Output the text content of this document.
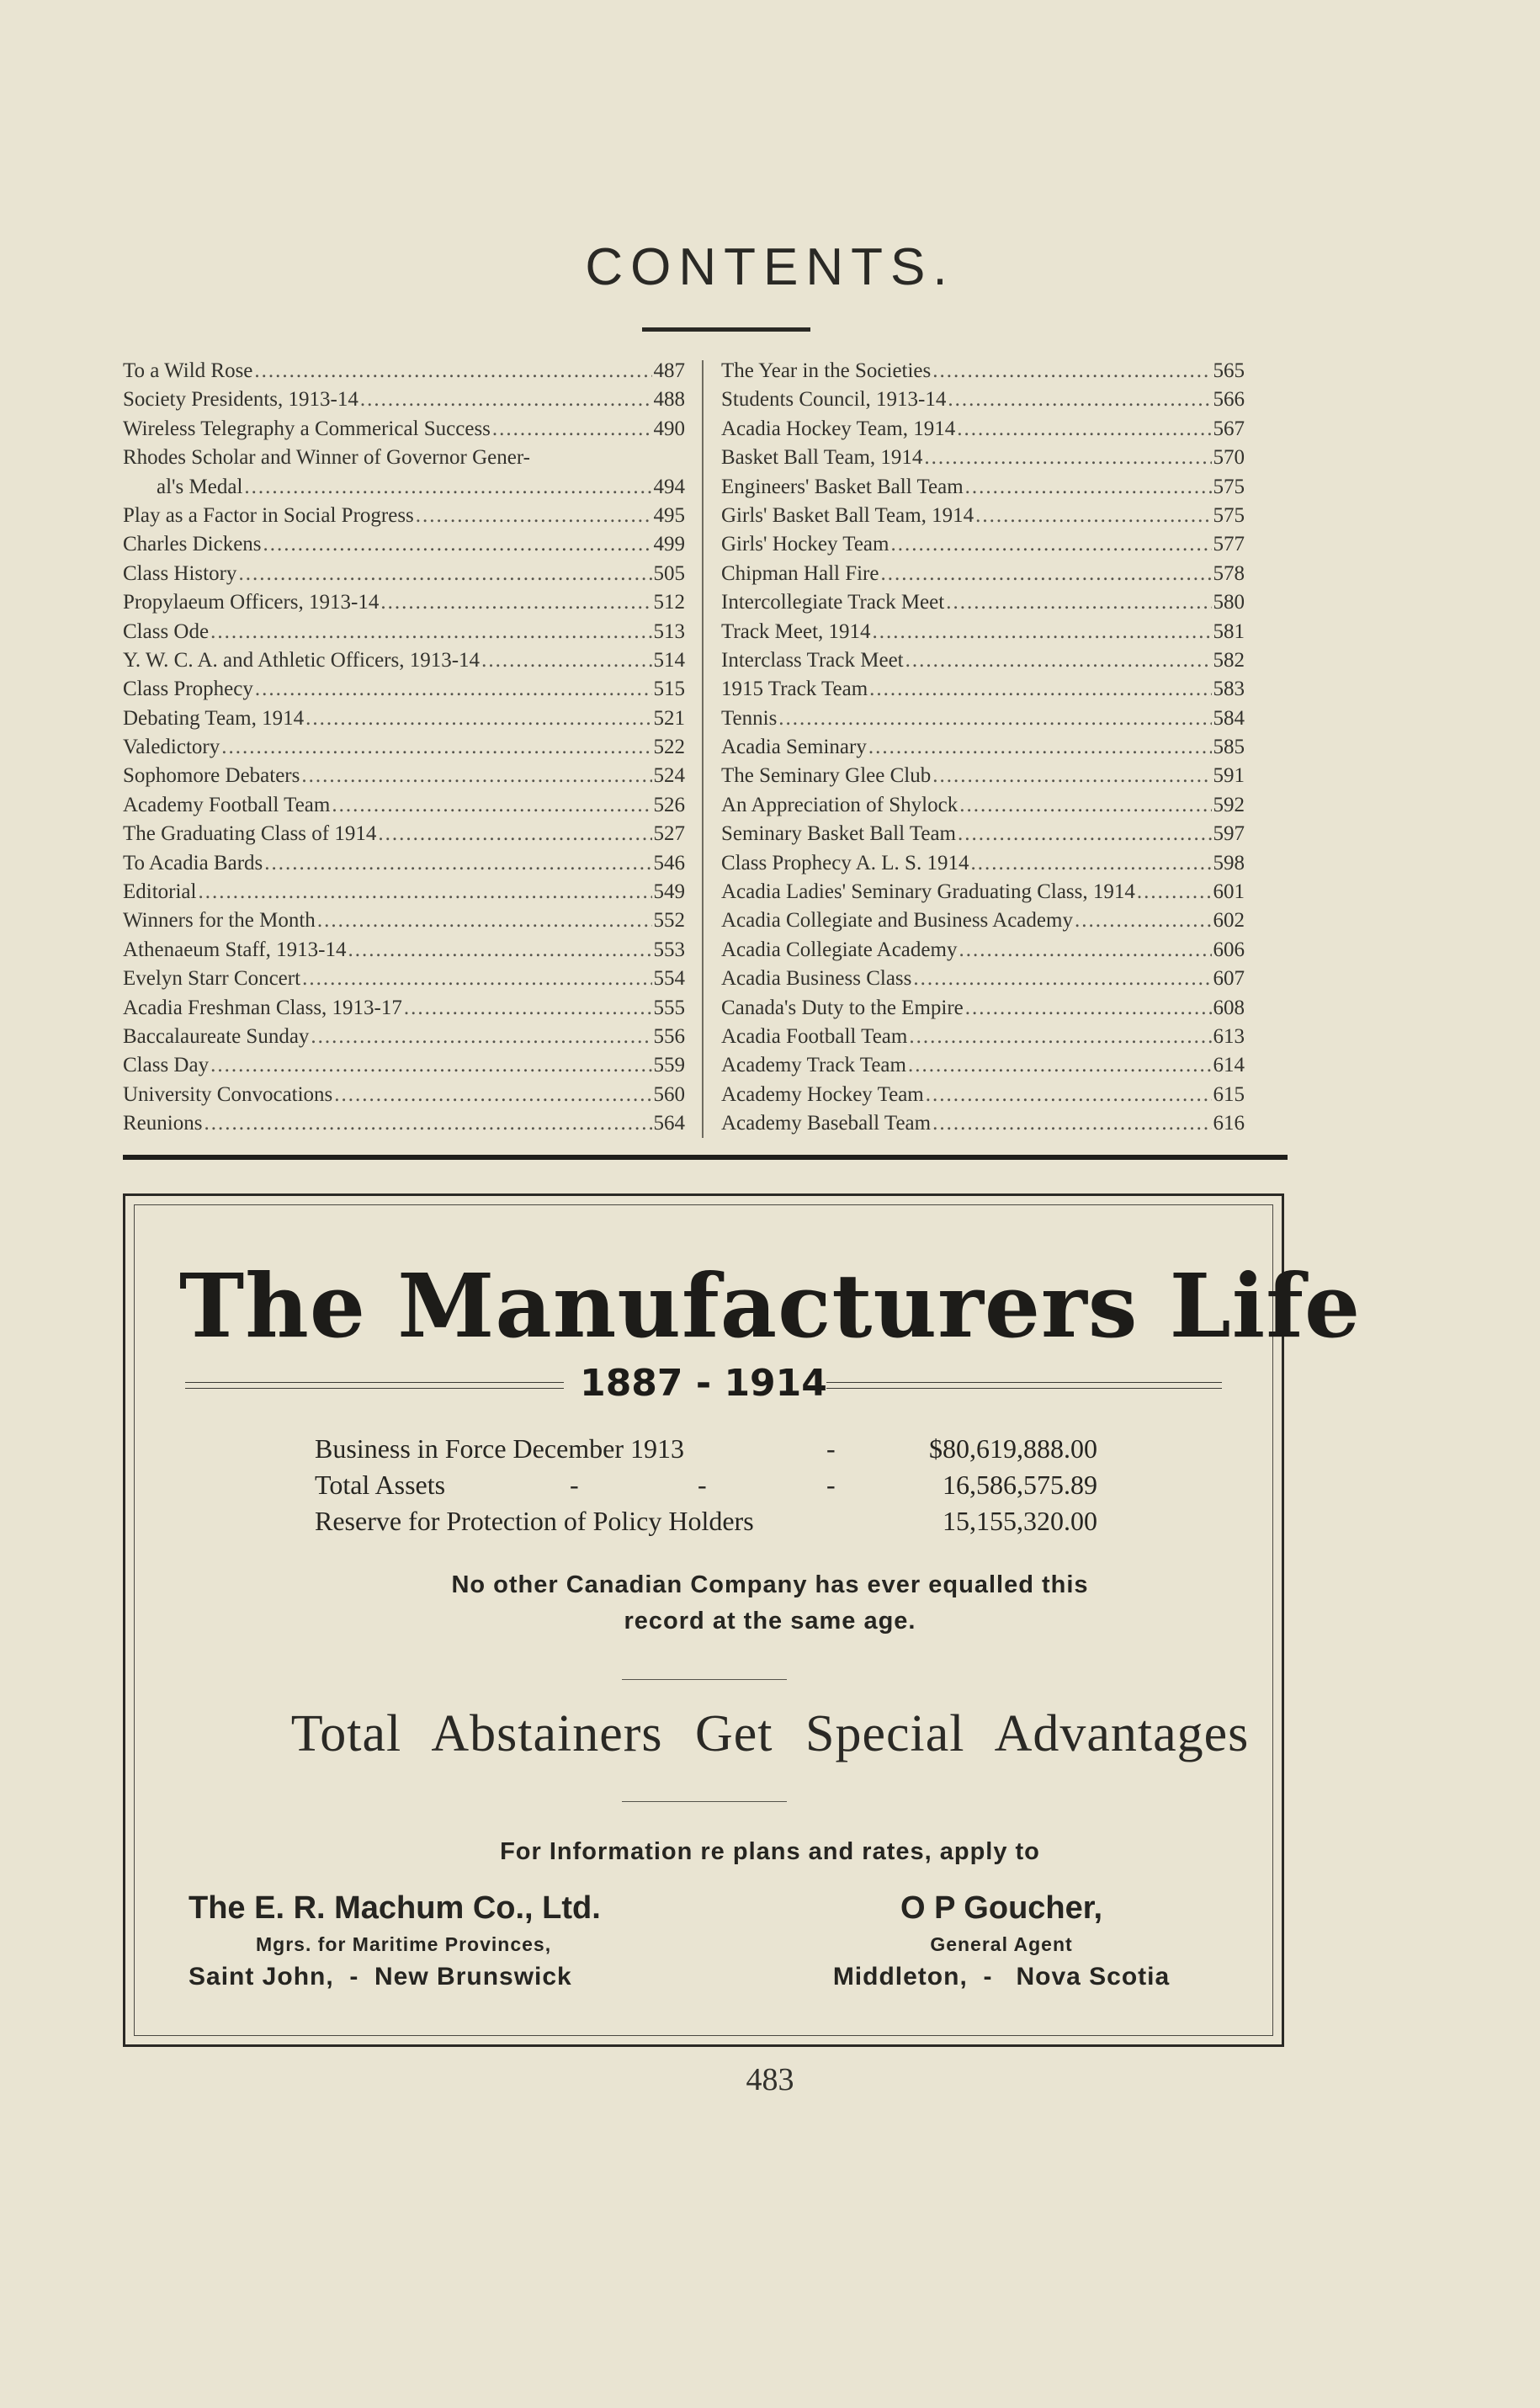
CONTENTS.
To a Wild Rose .....	487
Society Presidents, 1913-14 .....	488
Wireless Telegraphy a Commerical Success .....	490
Rhodes Scholar and Winner of Governor Gener-
al's Medal .....	494
Play as a Factor in Social Progress .....	495
Charles Dickens .....	499
Class History .....	505
Propylaeum Officers, 1913-14 .....	512
Class Ode .....	513
Y. W. C. A. and Athletic Officers, 1913-14 .....	514
Class Prophecy .....	515
Debating Team, 1914 .....	521
Valedictory .....	522
Sophomore Debaters .....	524
Academy Football Team .....	526
The Graduating Class of 1914 .....	527
To Acadia Bards .....	546
Editorial .....	549
Winners for the Month .....	552
Athenaeum Staff, 1913-14 .....	553
Evelyn Starr Concert .....	554
Acadia Freshman Class, 1913-17 .....	555
Baccalaureate Sunday .....	556
Class Day .....	559
University Convocations .....	560
Reunions .....	564
The Year in the Societies .....	565
Students Council, 1913-14 .....	566
Acadia Hockey Team, 1914 .....	567
Basket Ball Team, 1914 .....	570
Engineers' Basket Ball Team .....	575
Girls' Basket Ball Team, 1914 .....	575
Girls' Hockey Team .....	577
Chipman Hall Fire .....	578
Intercollegiate Track Meet .....	580
Track Meet, 1914 .....	581
Interclass Track Meet .....	582
1915 Track Team .....	583
Tennis .....	584
Acadia Seminary .....	585
The Seminary Glee Club .....	591
An Appreciation of Shylock .....	592
Seminary Basket Ball Team .....	597
Class Prophecy A. L. S. 1914 .....	598
Acadia Ladies' Seminary Graduating Class, 1914 .....	601
Acadia Collegiate and Business Academy .....	602
Acadia Collegiate Academy .....	606
Acadia Business Class .....	607
Canada's Duty to the Empire .....	608
Acadia Football Team .....	613
Academy Track Team .....	614
Academy Hockey Team .....	615
Academy Baseball Team .....	616
The Manufacturers Life
1887 - 1914
Business in Force December 1913	-	$80,619,888.00
Total Assets	-	-	-	16,586,575.89
Reserve for Protection of Policy Holders	15,155,320.00
No other Canadian Company has ever equalled this
record at the same age.
Total Abstainers Get Special Advantages
For Information re plans and rates, apply to
The E. R. Machum Co., Ltd.
Mgrs. for Maritime Provinces,
Saint John,  -  New Brunswick
O P Goucher,
General Agent
Middleton,  -   Nova Scotia
483
